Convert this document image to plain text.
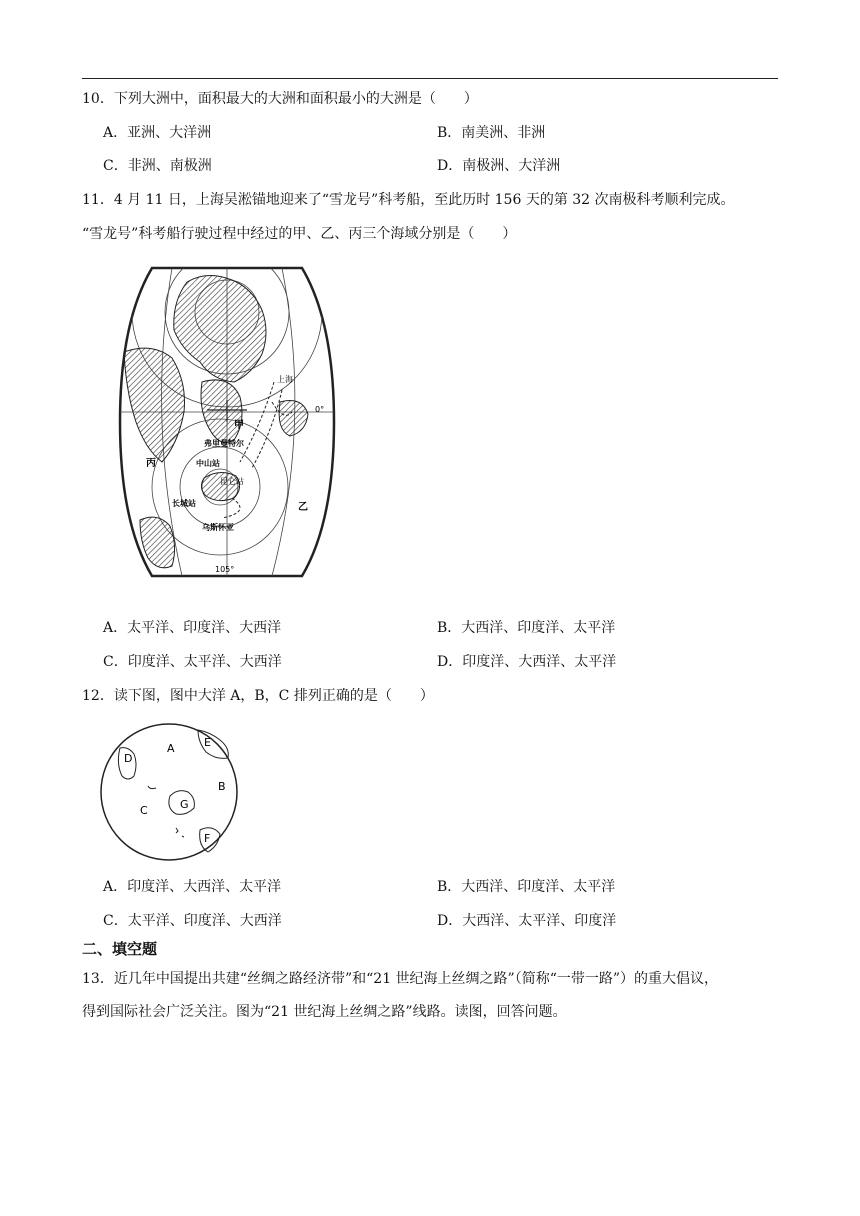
10．下列大洲中，面积最大的大洲和面积最小的大洲是（　　）
A．亚洲、大洋洲	B．南美洲、非洲
C．非洲、南极洲	D．南极洲、大洋洲
11．4 月 11 日，上海吴淞锚地迎来了“雪龙号”科考船，至此历时 156 天的第 32 次南极科考顺利完成。
“雪龙号”科考船行驶过程中经过的甲、乙、丙三个海域分别是（　　）
上海
甲
0°
弗里曼特尔
丙	中山站
昆仑站
长城站	乙
乌斯怀亚
105°
A．太平洋、印度洋、大西洋	B．大西洋、印度洋、太平洋
C．印度洋、太平洋、大西洋	D．印度洋、大西洋、太平洋
12．读下图，图中大洋 A，B，C 排列正确的是（　　）
A	E
D
G
B
C
F
A．印度洋、大西洋、太平洋	B．大西洋、印度洋、太平洋
C．太平洋、印度洋、大西洋	D．大西洋、太平洋、印度洋
二、填空题
13．近几年中国提出共建“丝绸之路经济带”和“21 世纪海上丝绸之路”（简称“一带一路”）的重大倡议，
得到国际社会广泛关注。图为“21 世纪海上丝绸之路”线路。读图，回答问题。
